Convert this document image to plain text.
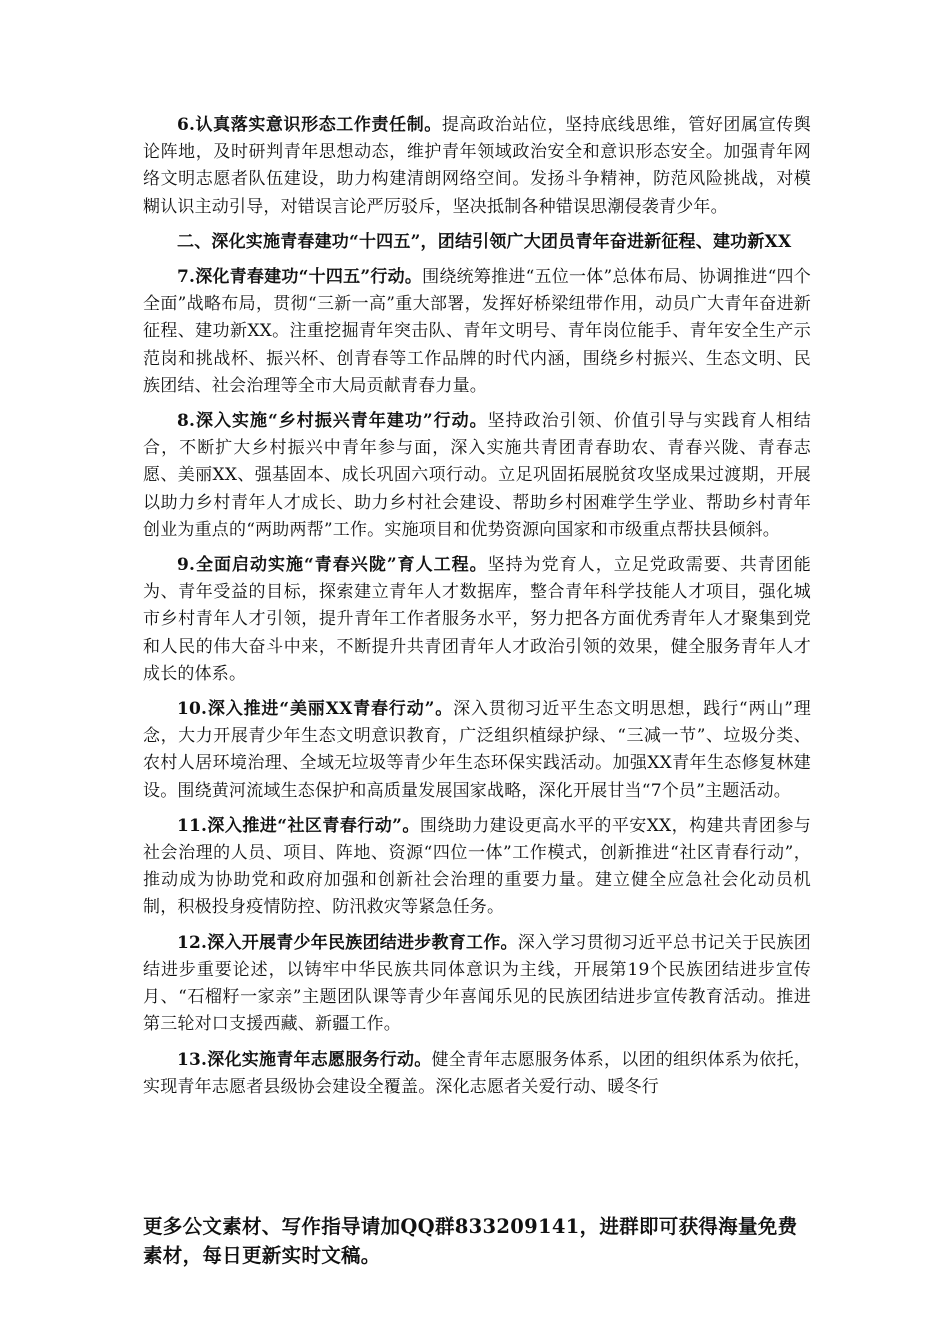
6.认真落实意识形态工作责任制。提高政治站位，坚持底线思维，管好团属宣传舆论阵地，及时研判青年思想动态，维护青年领域政治安全和意识形态安全。加强青年网络文明志愿者队伍建设，助力构建清朗网络空间。发扬斗争精神，防范风险挑战，对模糊认识主动引导，对错误言论严厉驳斥，坚决抵制各种错误思潮侵袭青少年。

二、深化实施青春建功“十四五”，团结引领广大团员青年奋进新征程、建功新XX

7.深化青春建功“十四五”行动。围绕统筹推进“五位一体”总体布局、协调推进“四个全面”战略布局，贯彻“三新一高”重大部署，发挥好桥梁纽带作用，动员广大青年奋进新征程、建功新XX。注重挖掘青年突击队、青年文明号、青年岗位能手、青年安全生产示范岗和挑战杯、振兴杯、创青春等工作品牌的时代内涵，围绕乡村振兴、生态文明、民族团结、社会治理等全市大局贡献青春力量。

8.深入实施“乡村振兴青年建功”行动。坚持政治引领、价值引导与实践育人相结合，不断扩大乡村振兴中青年参与面，深入实施共青团青春助农、青春兴陇、青春志愿、美丽XX、强基固本、成长巩固六项行动。立足巩固拓展脱贫攻坚成果过渡期，开展以助力乡村青年人才成长、助力乡村社会建设、帮助乡村困难学生学业、帮助乡村青年创业为重点的“两助两帮”工作。实施项目和优势资源向国家和市级重点帮扶县倾斜。

9.全面启动实施“青春兴陇”育人工程。坚持为党育人，立足党政需要、共青团能为、青年受益的目标，探索建立青年人才数据库，整合青年科学技能人才项目，强化城市乡村青年人才引领，提升青年工作者服务水平，努力把各方面优秀青年人才聚集到党和人民的伟大奋斗中来，不断提升共青团青年人才政治引领的效果，健全服务青年人才成长的体系。

10.深入推进“美丽XX青春行动”。深入贯彻习近平生态文明思想，践行“两山”理念，大力开展青少年生态文明意识教育，广泛组织植绿护绿、“三减一节”、垃圾分类、农村人居环境治理、全域无垃圾等青少年生态环保实践活动。加强XX青年生态修复林建设。围绕黄河流域生态保护和高质量发展国家战略，深化开展甘当“7个员”主题活动。

11.深入推进“社区青春行动”。围绕助力建设更高水平的平安XX，构建共青团参与社会治理的人员、项目、阵地、资源“四位一体”工作模式，创新推进“社区青春行动”，推动成为协助党和政府加强和创新社会治理的重要力量。建立健全应急社会化动员机制，积极投身疫情防控、防汛救灾等紧急任务。

12.深入开展青少年民族团结进步教育工作。深入学习贯彻习近平总书记关于民族团结进步重要论述，以铸牢中华民族共同体意识为主线，开展第19个民族团结进步宣传月、“石榴籽一家亲”主题团队课等青少年喜闻乐见的民族团结进步宣传教育活动。推进第三轮对口支援西藏、新疆工作。

13.深化实施青年志愿服务行动。健全青年志愿服务体系，以团的组织体系为依托，实现青年志愿者县级协会建设全覆盖。深化志愿者关爱行动、暖冬行

更多公文素材、写作指导请加QQ群833209141，进群即可获得海量免费素材，每日更新实时文稿。
